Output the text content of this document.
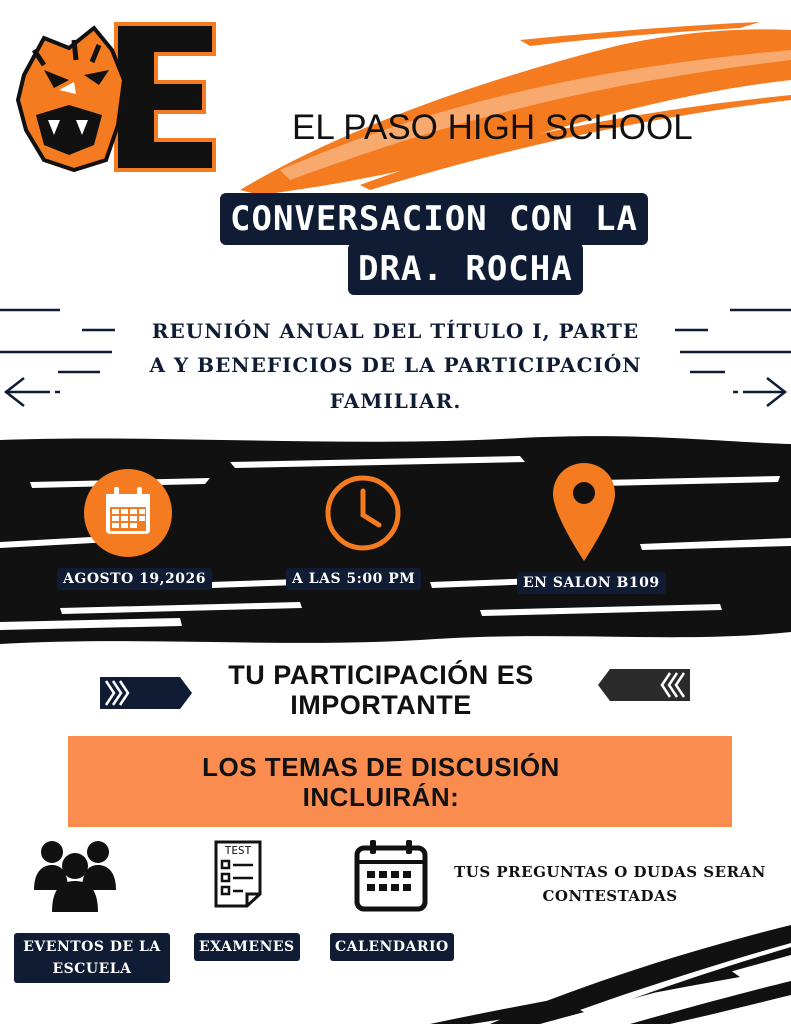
EL PASO HIGH SCHOOL
CONVERSACION CON LA
DRA. ROCHA
REUNIÓN ANUAL DEL TÍTULO I, PARTE
A Y BENEFICIOS DE LA PARTICIPACIÓN
FAMILIAR.
AGOSTO 19,2026	A LAS 5:00 PM	EN SALON B109
TU PARTICIPACIÓN ES
IMPORTANTE
LOS TEMAS DE DISCUSIÓN
INCLUIRÁN:
TEST
EVENTOS DE LA
ESCUELA
EXAMENES	CALENDARIO
TUS PREGUNTAS O DUDAS SERAN
CONTESTADAS
